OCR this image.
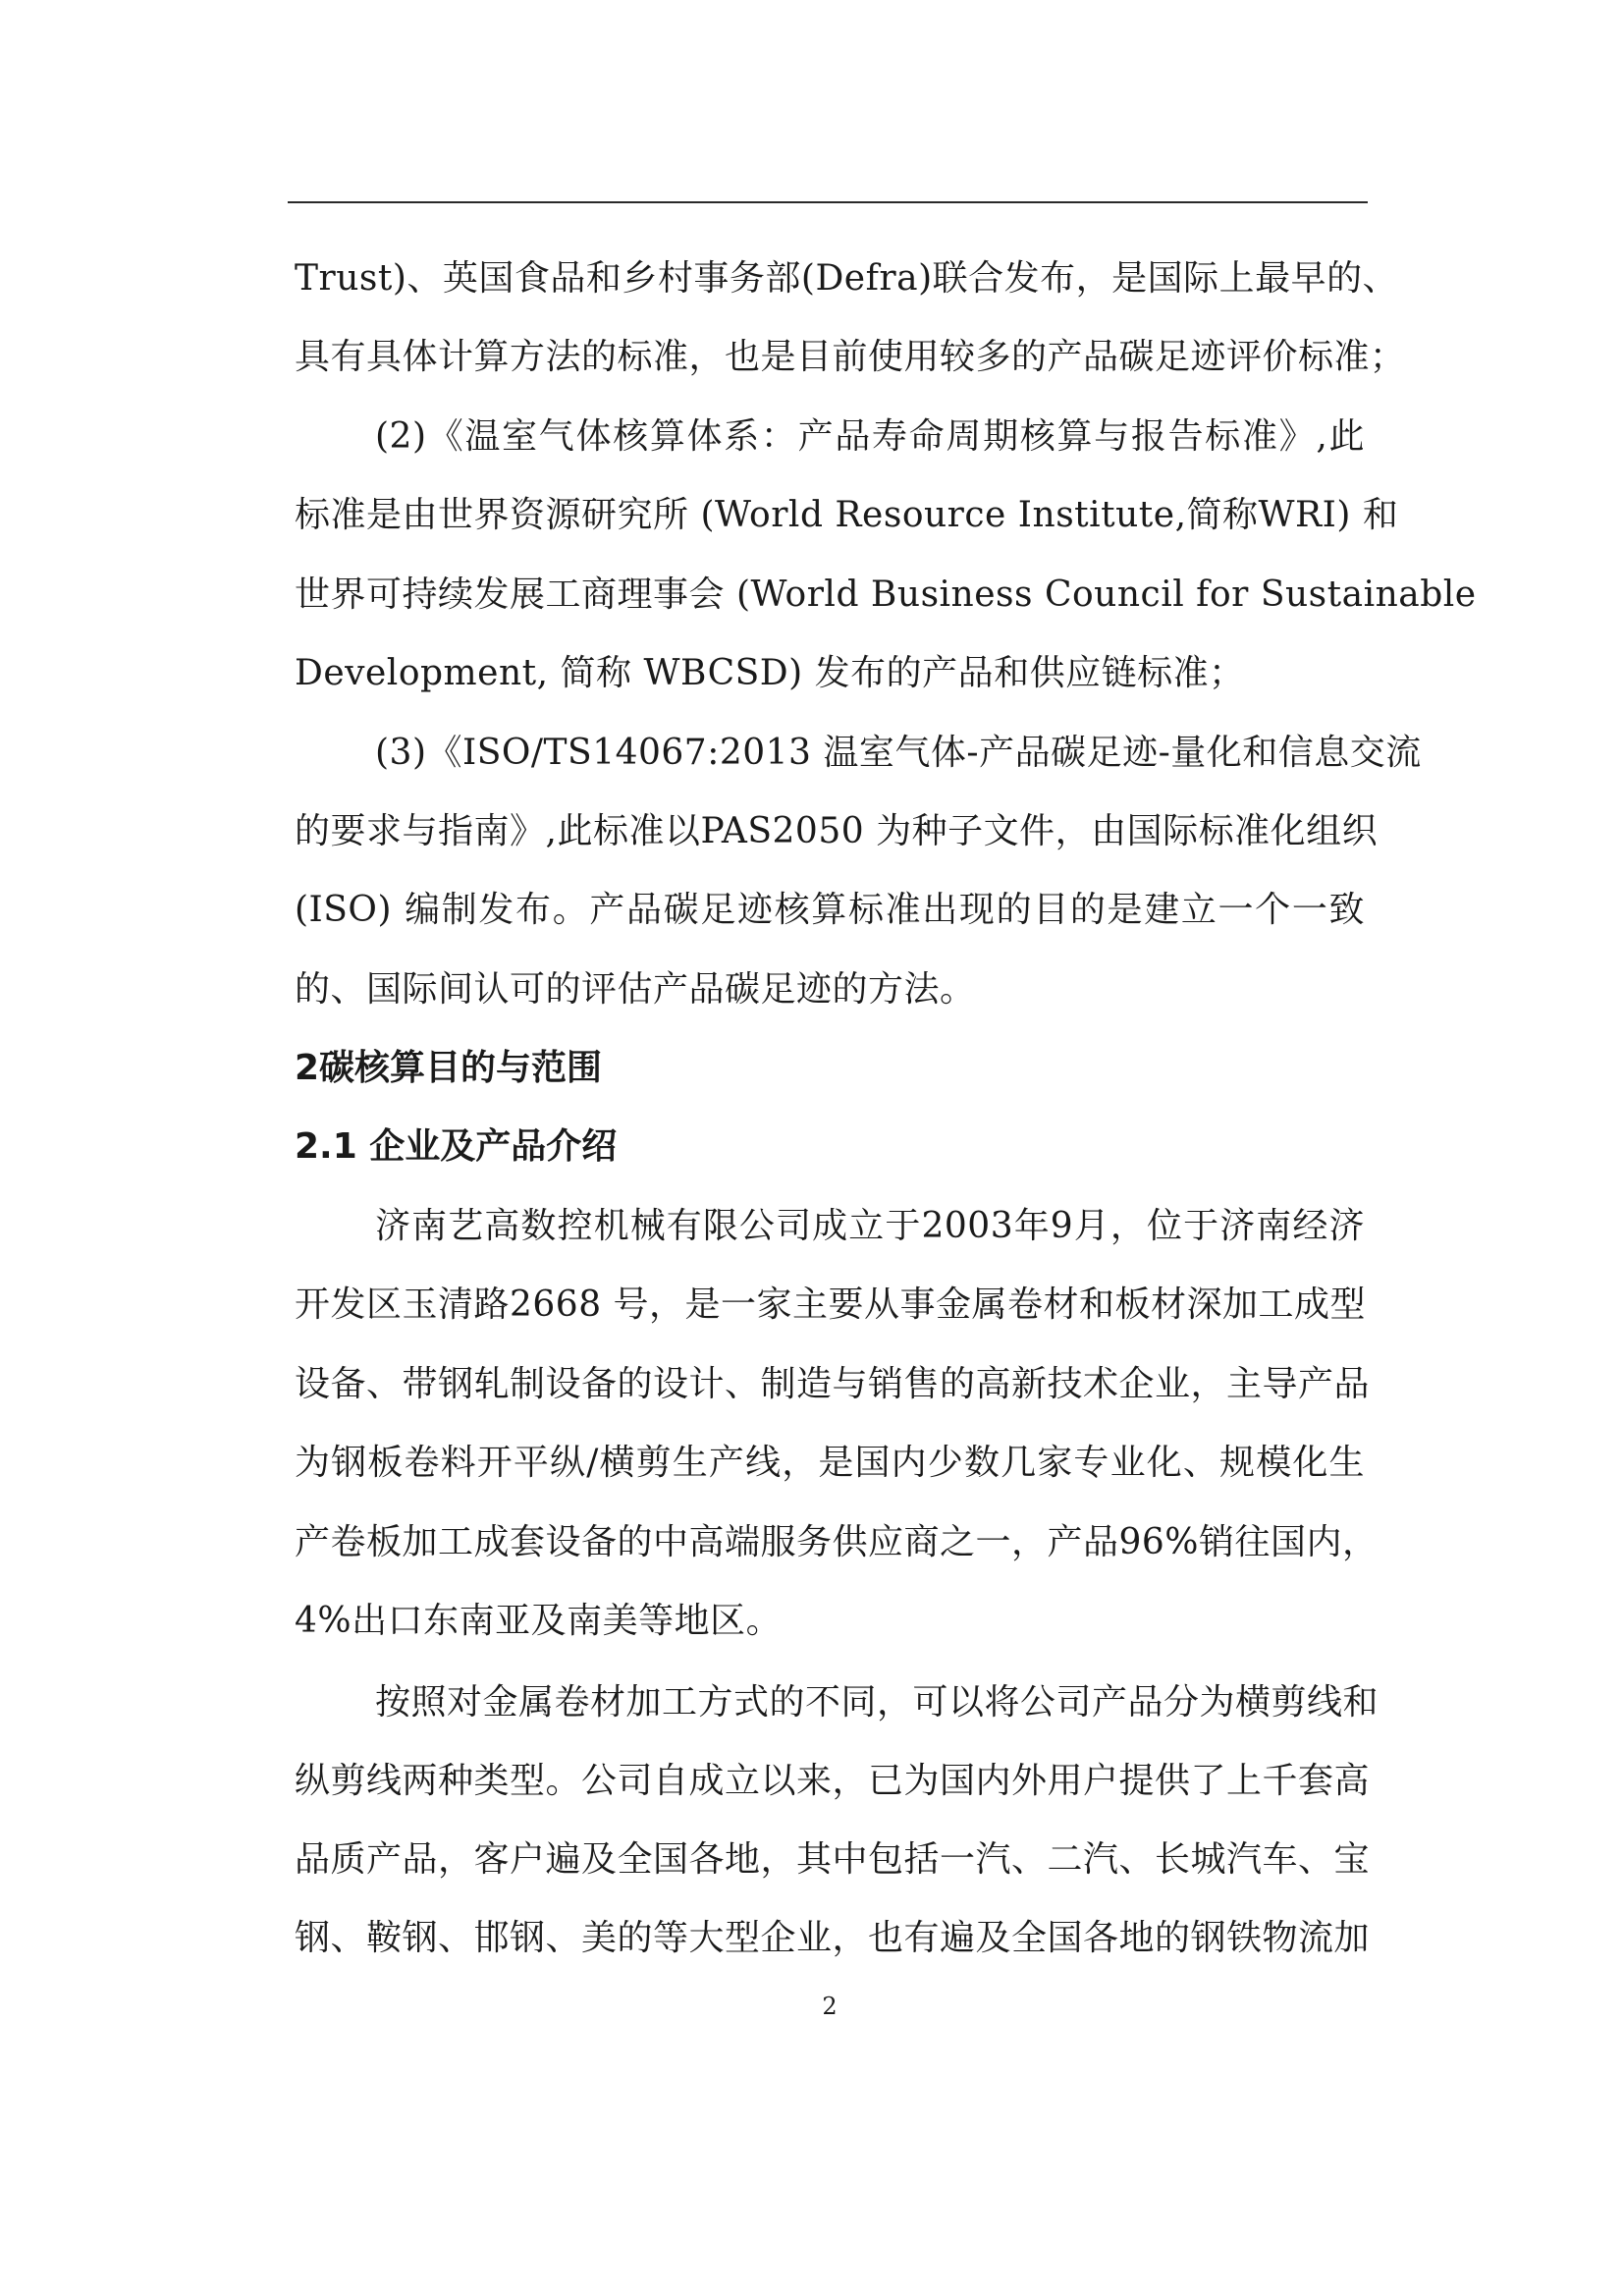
Trust)、英国食品和乡村事务部(Defra)联合发布，是国际上最早的、
具有具体计算方法的标准，也是目前使用较多的产品碳足迹评价标准；
(2)《温室气体核算体系：产品寿命周期核算与报告标准》,此
标准是由世界资源研究所 (World Resource Institute,简称WRI) 和
世界可持续发展工商理事会 (World Business Council for Sustainable
Development, 简称 WBCSD) 发布的产品和供应链标准；
(3)《ISO/TS14067:2013 温室气体-产品碳足迹-量化和信息交流
的要求与指南》,此标准以PAS2050 为种子文件，由国际标准化组织
(ISO) 编制发布。产品碳足迹核算标准出现的目的是建立一个一致
的、国际间认可的评估产品碳足迹的方法。
2碳核算目的与范围
2.1 企业及产品介绍
济南艺高数控机械有限公司成立于2003年9月，位于济南经济
开发区玉清路2668 号，是一家主要从事金属卷材和板材深加工成型
设备、带钢轧制设备的设计、制造与销售的高新技术企业，主导产品
为钢板卷料开平纵/横剪生产线，是国内少数几家专业化、规模化生
产卷板加工成套设备的中高端服务供应商之一，产品96%销往国内，
4%出口东南亚及南美等地区。
按照对金属卷材加工方式的不同，可以将公司产品分为横剪线和
纵剪线两种类型。公司自成立以来，已为国内外用户提供了上千套高
品质产品，客户遍及全国各地，其中包括一汽、二汽、长城汽车、宝
钢、鞍钢、邯钢、美的等大型企业，也有遍及全国各地的钢铁物流加
2
